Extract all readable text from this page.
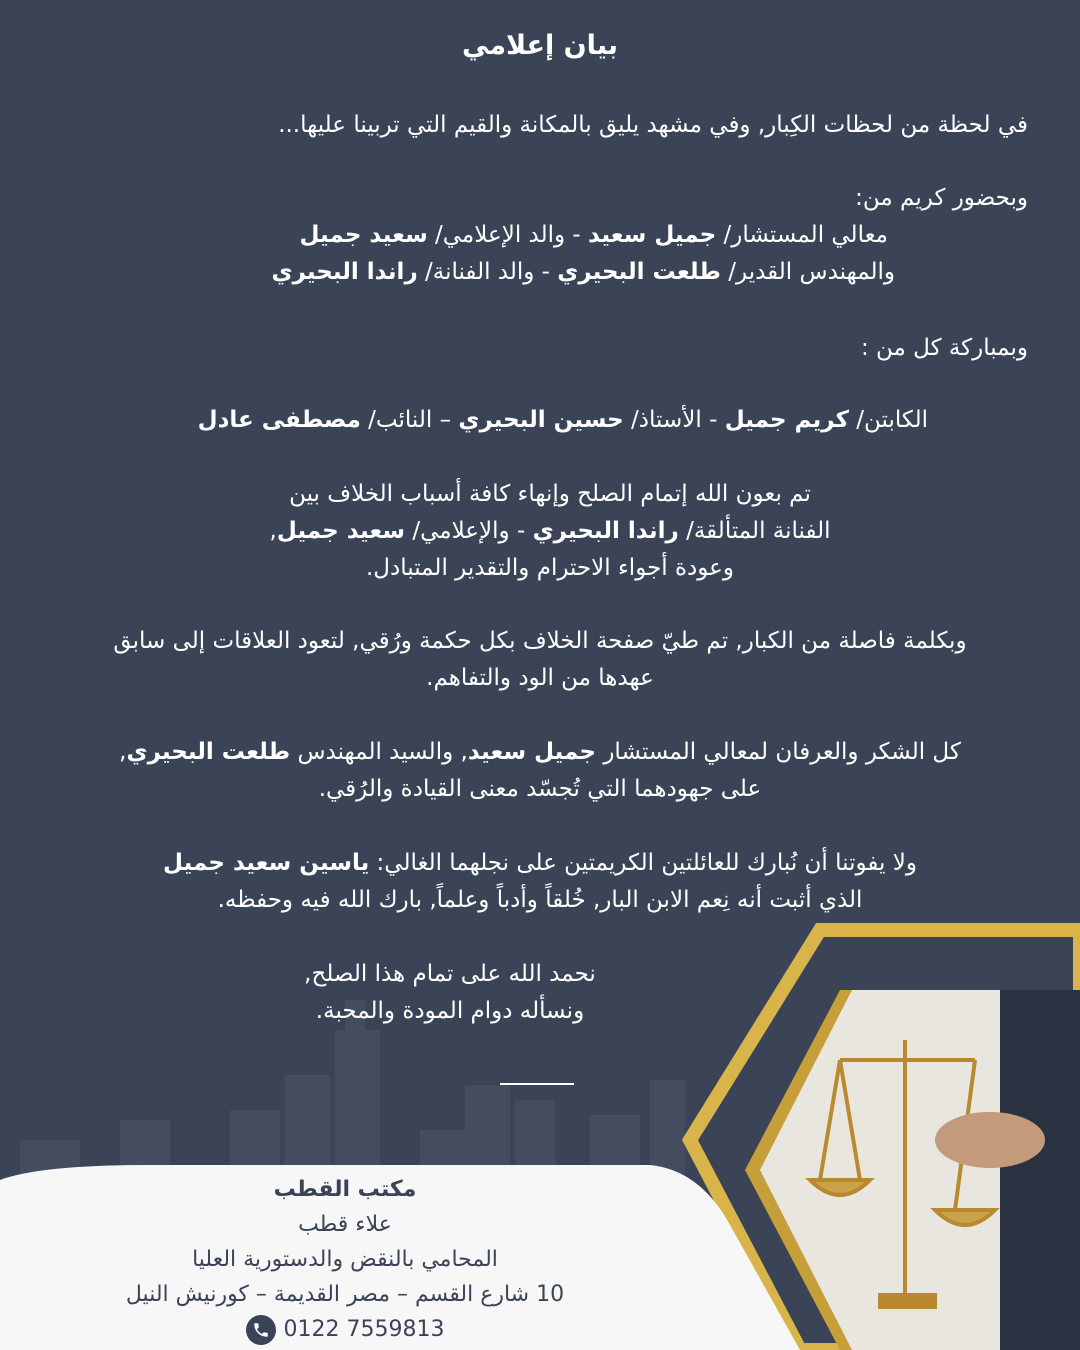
بيان إعلامي
في لحظة من لحظات الكِبار, وفي مشهد يليق بالمكانة والقيم التي تربينا عليها...
وبحضور كريم من:
معالي المستشار/ جميل سعيد - والد الإعلامي/ سعيد جميل
والمهندس القدير/ طلعت البحيري - والد الفنانة/ راندا البحيري
وبمباركة كل من :
الكابتن/ كريم جميل - الأستاذ/ حسين البحيري – النائب/ مصطفى عادل
تم بعون الله إتمام الصلح وإنهاء كافة أسباب الخلاف بين
الفنانة المتألقة/ راندا البحيري - والإعلامي/ سعيد جميل,
وعودة أجواء الاحترام والتقدير المتبادل.
وبكلمة فاصلة من الكبار, تم طيّ صفحة الخلاف بكل حكمة ورُقي, لتعود العلاقات إلى سابق
عهدها من الود والتفاهم.
كل الشكر والعرفان لمعالي المستشار جميل سعيد, والسيد المهندس طلعت البحيري,
على جهودهما التي تُجسّد معنى القيادة والرُقي.
ولا يفوتنا أن نُبارك للعائلتين الكريمتين على نجلهما الغالي: ياسين سعيد جميل
الذي أثبت أنه نِعم الابن البار, خُلقاً وأدباً وعلماً, بارك الله فيه وحفظه.
نحمد الله على تمام هذا الصلح,
ونسأله دوام المودة والمحبة.
مكتب القطب
علاء قطب
المحامي بالنقض والدستورية العليا
10 شارع القسم – مصر القديمة – كورنيش النيل
0122 7559813
